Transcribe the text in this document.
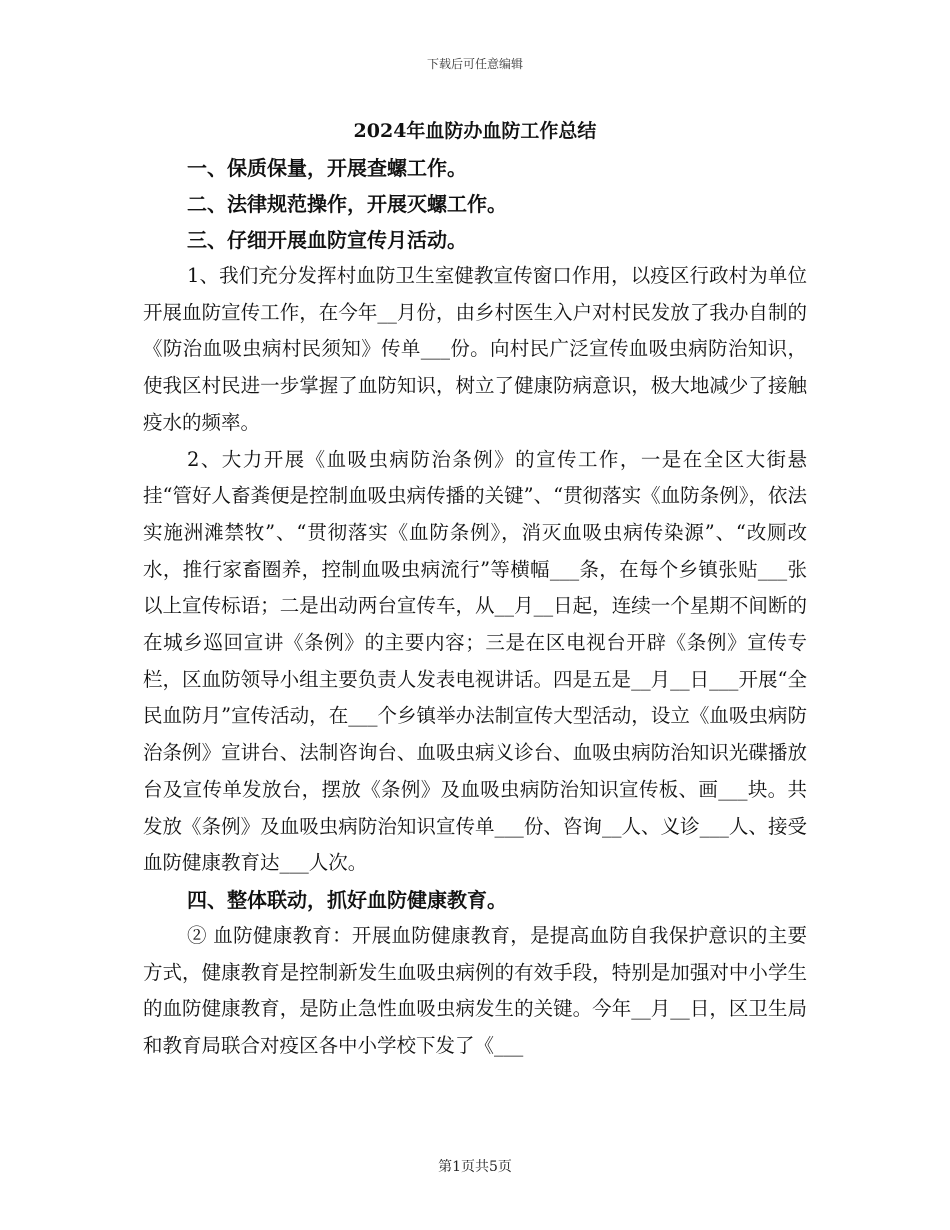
下载后可任意编辑
2024年血防办血防工作总结

一、保质保量，开展查螺工作。

二、法律规范操作，开展灭螺工作。

三、仔细开展血防宣传月活动。

1、我们充分发挥村血防卫生室健教宣传窗口作用，以疫区行政村为单位开展血防宣传工作，在今年__月份，由乡村医生入户对村民发放了我办自制的《防治血吸虫病村民须知》传单___份。向村民广泛宣传血吸虫病防治知识，使我区村民进一步掌握了血防知识，树立了健康防病意识，极大地减少了接触疫水的频率。

2、大力开展《血吸虫病防治条例》的宣传工作，一是在全区大街悬挂“管好人畜粪便是控制血吸虫病传播的关键”、“贯彻落实《血防条例》，依法实施洲滩禁牧”、“贯彻落实《血防条例》，消灭血吸虫病传染源”、“改厕改水，推行家畜圈养，控制血吸虫病流行”等横幅___条，在每个乡镇张贴___张以上宣传标语；二是出动两台宣传车，从__月__日起，连续一个星期不间断的在城乡巡回宣讲《条例》的主要内容；三是在区电视台开辟《条例》宣传专栏，区血防领导小组主要负责人发表电视讲话。四是五是__月__日___开展“全民血防月”宣传活动，在___个乡镇举办法制宣传大型活动，设立《血吸虫病防治条例》宣讲台、法制咨询台、血吸虫病义诊台、血吸虫病防治知识光碟播放台及宣传单发放台，摆放《条例》及血吸虫病防治知识宣传板、画___块。共发放《条例》及血吸虫病防治知识宣传单___份、咨询__人、义诊___人、接受血防健康教育达___人次。

四、整体联动，抓好血防健康教育。

② 血防健康教育：开展血防健康教育，是提高血防自我保护意识的主要方式，健康教育是控制新发生血吸虫病例的有效手段，特别是加强对中小学生的血防健康教育，是防止急性血吸虫病发生的关键。今年__月__日，区卫生局和教育局联合对疫区各中小学校下发了《___

第1页共5页
